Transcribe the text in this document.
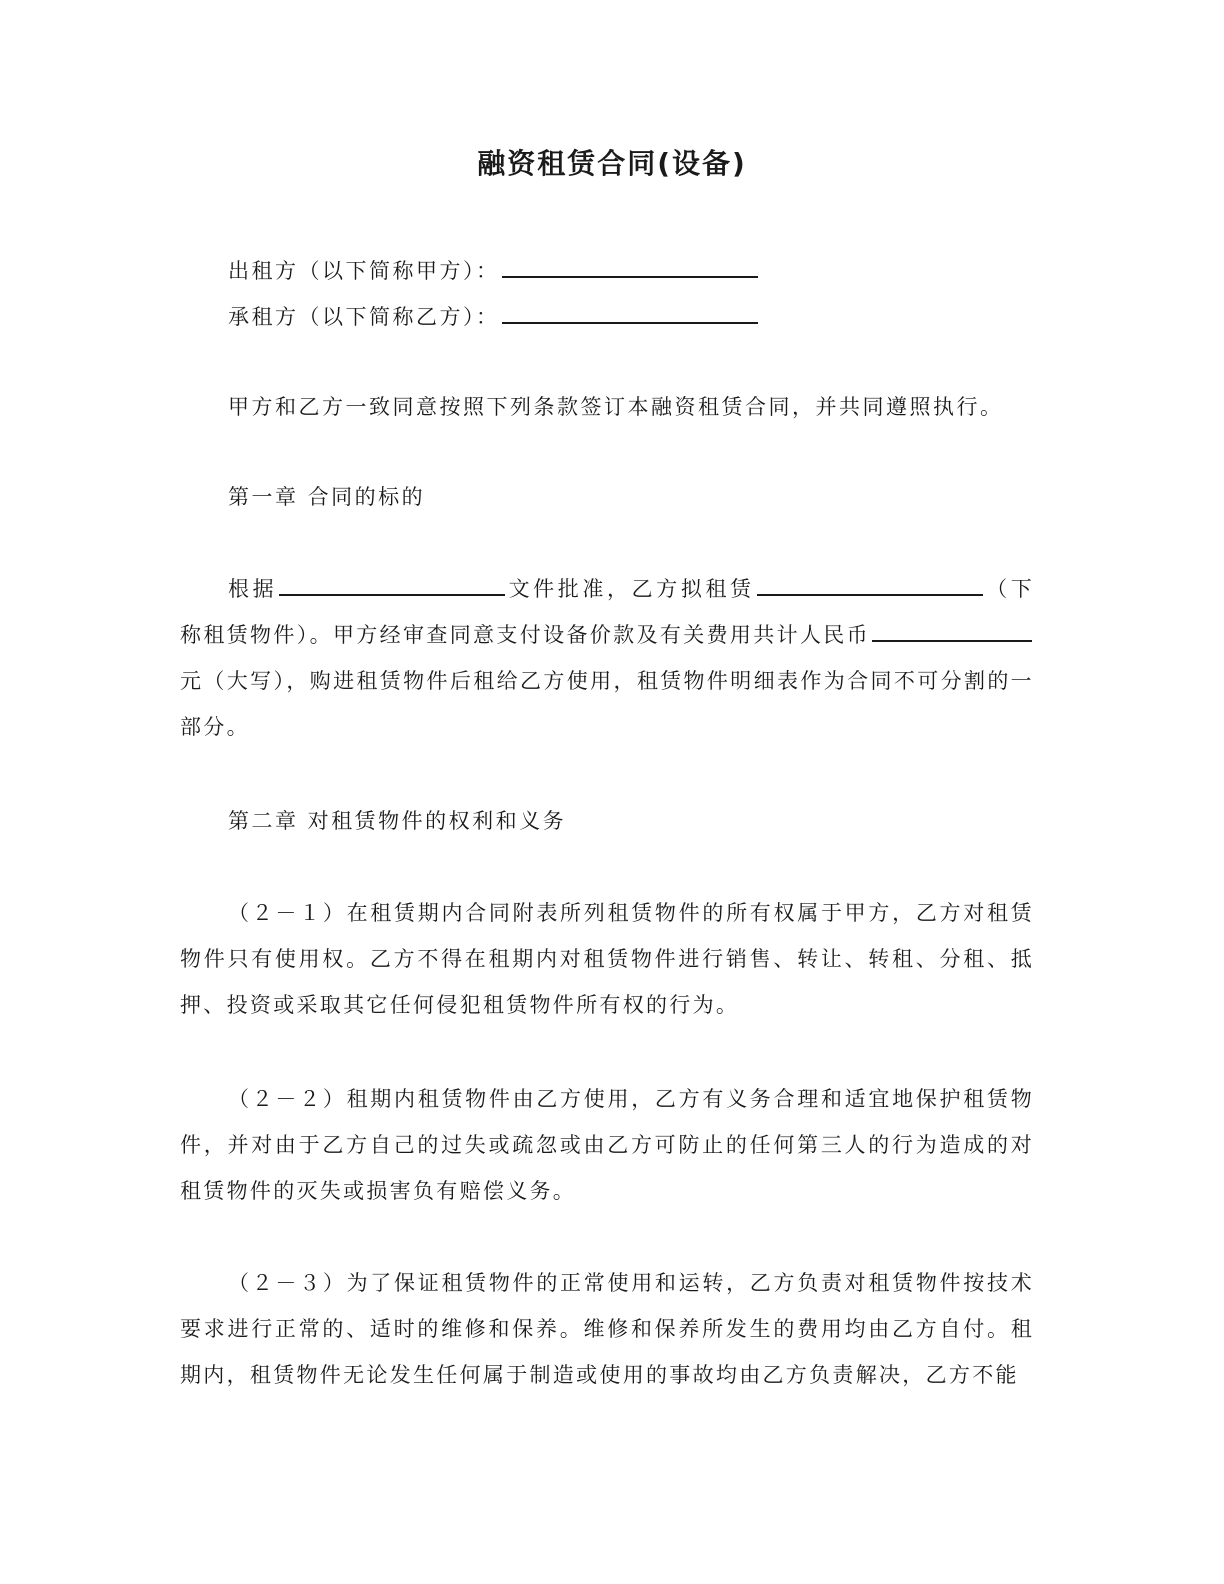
融资租赁合同(设备)
出租方（以下简称甲方）：
承租方（以下简称乙方）：
甲方和乙方一致同意按照下列条款签订本融资租赁合同，并共同遵照执行。
第一章 合同的标的
根据	文件批准，乙方拟租赁	（下称租赁物件）。甲方经审查同意支付设备价款及有关费用共计人民币元（大写），购进租赁物件后租给乙方使用，租赁物件明细表作为合同不可分割的一部分。
第二章 对租赁物件的权利和义务
（２－１）在租赁期内合同附表所列租赁物件的所有权属于甲方，乙方对租赁物件只有使用权。乙方不得在租期内对租赁物件进行销售、转让、转租、分租、抵押、投资或采取其它任何侵犯租赁物件所有权的行为。
（２－２）租期内租赁物件由乙方使用，乙方有义务合理和适宜地保护租赁物件，并对由于乙方自己的过失或疏忽或由乙方可防止的任何第三人的行为造成的对租赁物件的灭失或损害负有赔偿义务。
（２－３）为了保证租赁物件的正常使用和运转，乙方负责对租赁物件按技术要求进行正常的、适时的维修和保养。维修和保养所发生的费用均由乙方自付。租期内，租赁物件无论发生任何属于制造或使用的事故均由乙方负责解决，乙方不能
